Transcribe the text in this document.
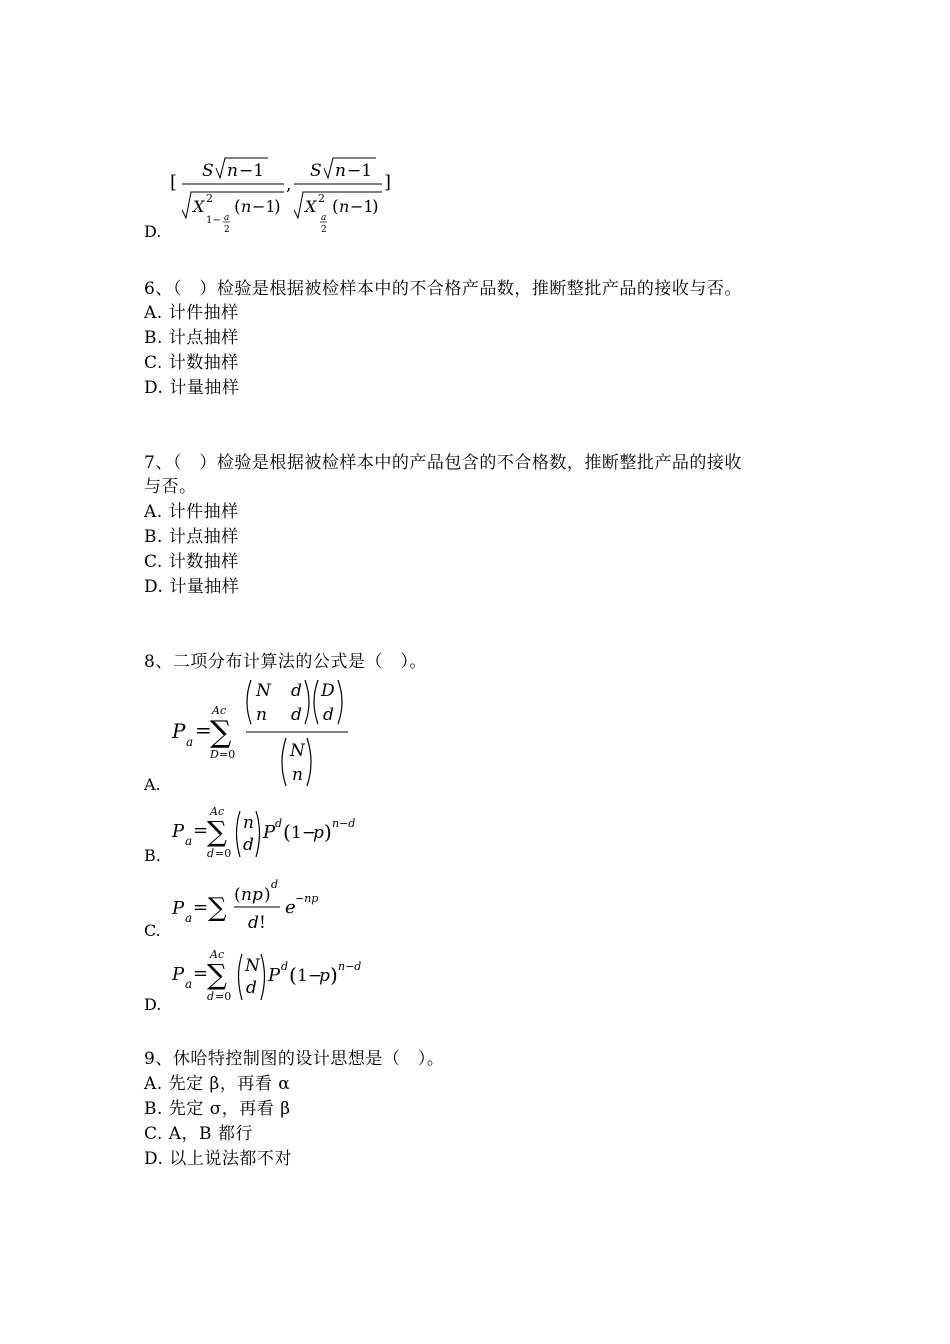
[
S n −1
X 2
1− a
2
( n −1
)
,
S n −1
X 2
a
2
( n −1
)
]
D.
6、（　）检验是根据被检样本中的不合格产品数，推断整批产品的接收与否。
A. 计件抽样
B. 计点抽样
C. 计数抽样
D. 计量抽样
7、（　）检验是根据被检样本中的产品包含的不合格数，推断整批产品的接收
与否。
A. 计件抽样
B. 计点抽样
C. 计数抽样
D. 计量抽样
8、二项分布计算法的公式是（　）。
P a =
Ac
∑
D =0
N d
n d
D
d
N
n
A.
P a =
Ac
∑
d =0
n
d
P d ( 1−
p ) n−d
B.
P a = ∑ ( np )
d
d !
e −np
C.
P a =
Ac
∑
d =0
N
d
P d ( 1−
p ) n−d
D.
9、休哈特控制图的设计思想是（　）。
A. 先定 β，再看 α
B. 先定 σ，再看 β
C. A，B 都行
D. 以上说法都不对
